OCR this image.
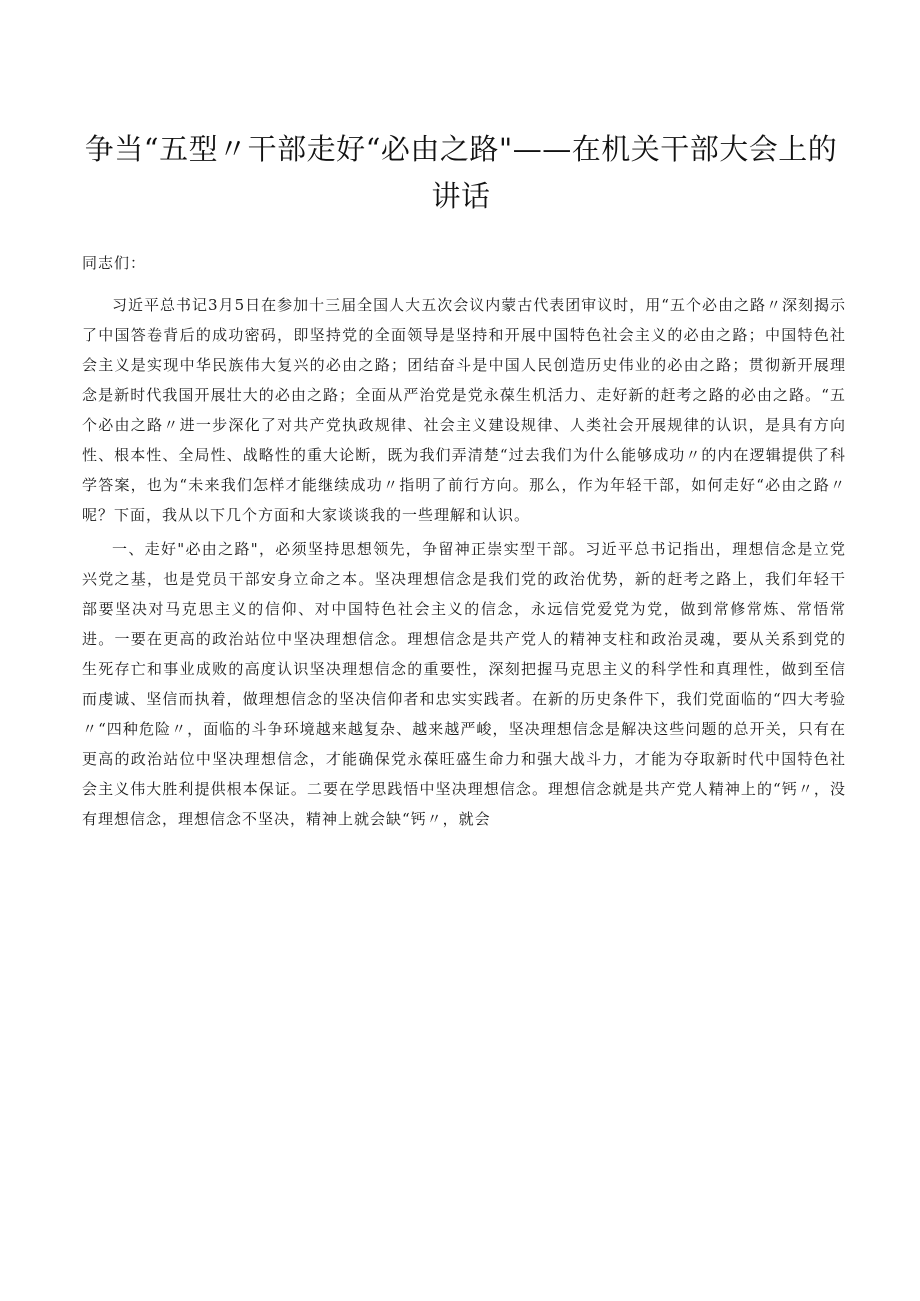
争当“五型〃干部走好“必由之路"——在机关干部大会上的讲话

同志们：

习近平总书记3月5日在参加十三届全国人大五次会议内蒙古代表团审议时，用“五个必由之路〃深刻揭示了中国答卷背后的成功密码，即坚持党的全面领导是坚持和开展中国特色社会主义的必由之路；中国特色社会主义是实现中华民族伟大复兴的必由之路；团结奋斗是中国人民创造历史伟业的必由之路；贯彻新开展理念是新时代我国开展壮大的必由之路；全面从严治党是党永葆生机活力、走好新的赶考之路的必由之路。“五个必由之路〃进一步深化了对共产党执政规律、社会主义建设规律、人类社会开展规律的认识，是具有方向性、根本性、全局性、战略性的重大论断，既为我们弄清楚“过去我们为什么能够成功〃的内在逻辑提供了科学答案，也为“未来我们怎样才能继续成功〃指明了前行方向。那么，作为年轻干部，如何走好“必由之路〃呢？下面，我从以下几个方面和大家谈谈我的一些理解和认识。

一、走好"必由之路"，必须坚持思想领先，争留神正崇实型干部。习近平总书记指出，理想信念是立党兴党之基，也是党员干部安身立命之本。坚决理想信念是我们党的政治优势，新的赶考之路上，我们年轻干部要坚决对马克思主义的信仰、对中国特色社会主义的信念，永远信党爱党为党，做到常修常炼、常悟常进。一要在更高的政治站位中坚决理想信念。理想信念是共产党人的精神支柱和政治灵魂，要从关系到党的生死存亡和事业成败的高度认识坚决理想信念的重要性，深刻把握马克思主义的科学性和真理性，做到至信而虔诚、坚信而执着，做理想信念的坚决信仰者和忠实实践者。在新的历史条件下，我们党面临的“四大考验〃“四种危险〃，面临的斗争环境越来越复杂、越来越严峻，坚决理想信念是解决这些问题的总开关，只有在更高的政治站位中坚决理想信念，才能确保党永葆旺盛生命力和强大战斗力，才能为夺取新时代中国特色社会主义伟大胜利提供根本保证。二要在学思践悟中坚决理想信念。理想信念就是共产党人精神上的“钙〃，没有理想信念，理想信念不坚决，精神上就会缺“钙〃，就会
